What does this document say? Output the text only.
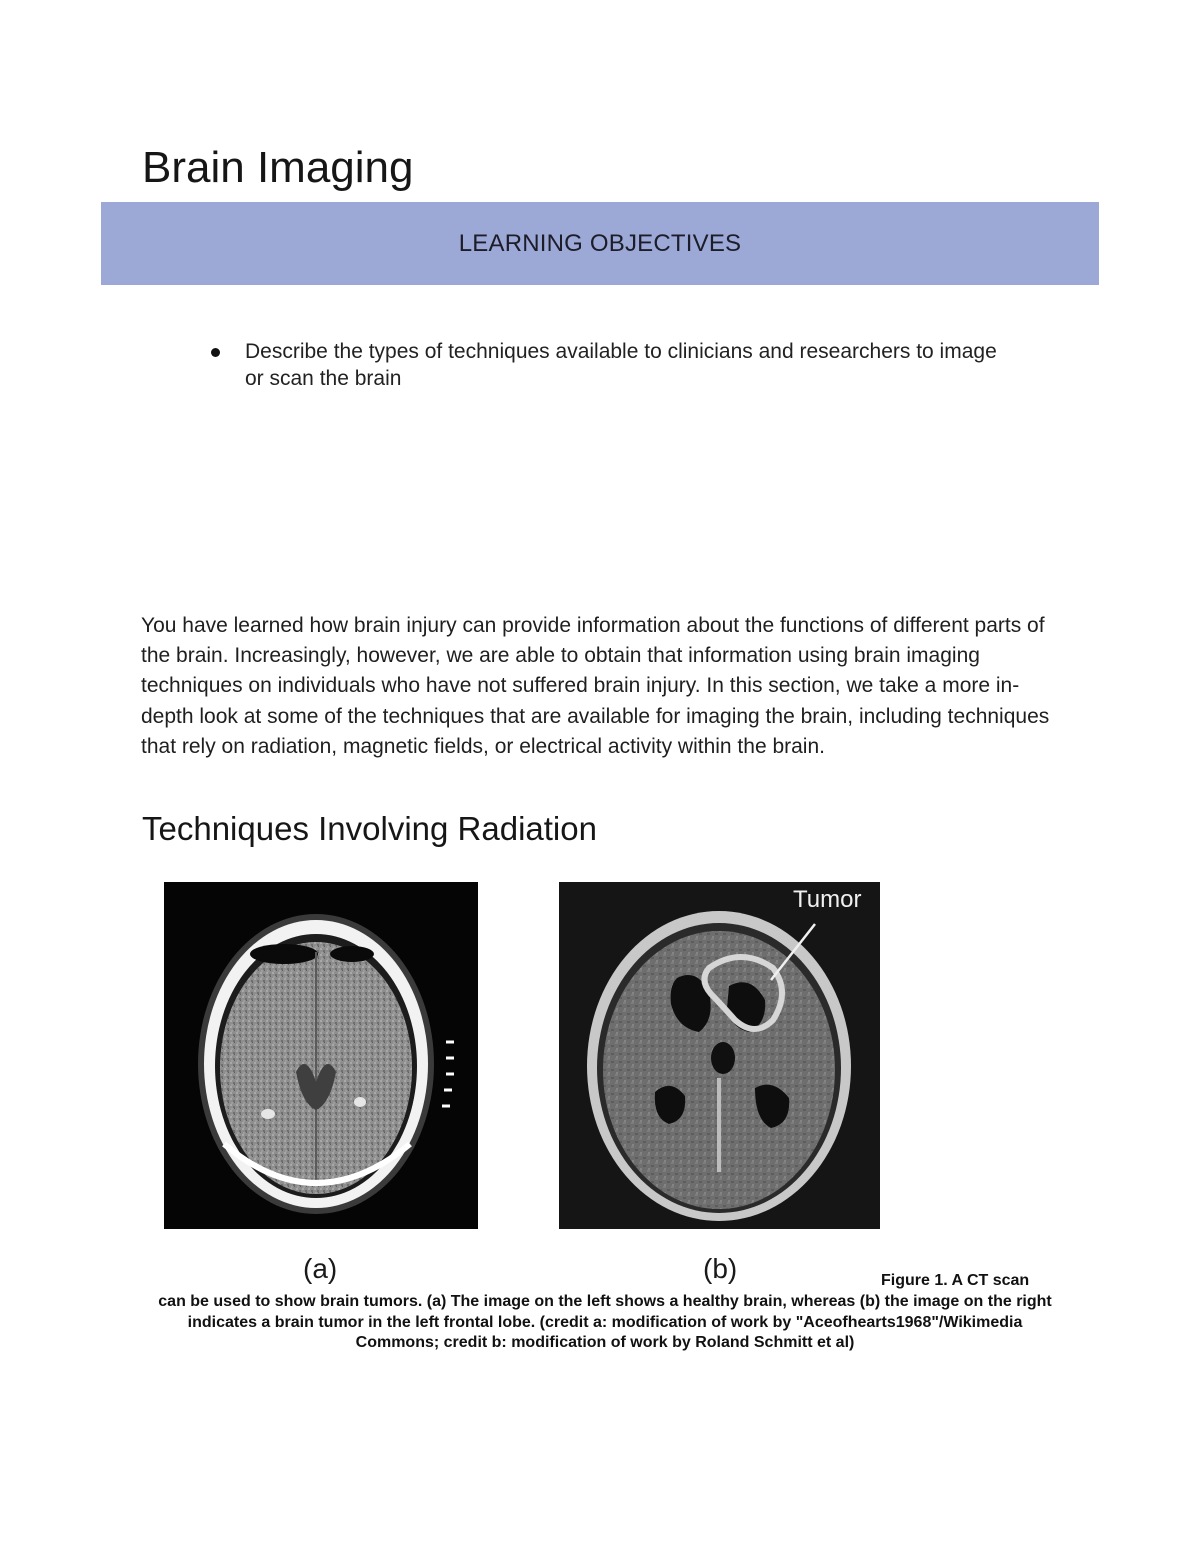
Brain Imaging
LEARNING OBJECTIVES
Describe the types of techniques available to clinicians and researchers to image or scan the brain

You have learned how brain injury can provide information about the functions of different parts of the brain. Increasingly, however, we are able to obtain that information using brain imaging techniques on individuals who have not suffered brain injury. In this section, we take a more in-depth look at some of the techniques that are available for imaging the brain, including techniques that rely on radiation, magnetic fields, or electrical activity within the brain.

Techniques Involving Radiation
Tumor
(a)	(b)	Figure 1. A CT scan

can be used to show brain tumors. (a) The image on the left shows a healthy brain, whereas (b) the image on the right indicates a brain tumor in the left frontal lobe. (credit a: modification of work by "Aceofhearts1968"/Wikimedia Commons; credit b: modification of work by Roland Schmitt et al)
